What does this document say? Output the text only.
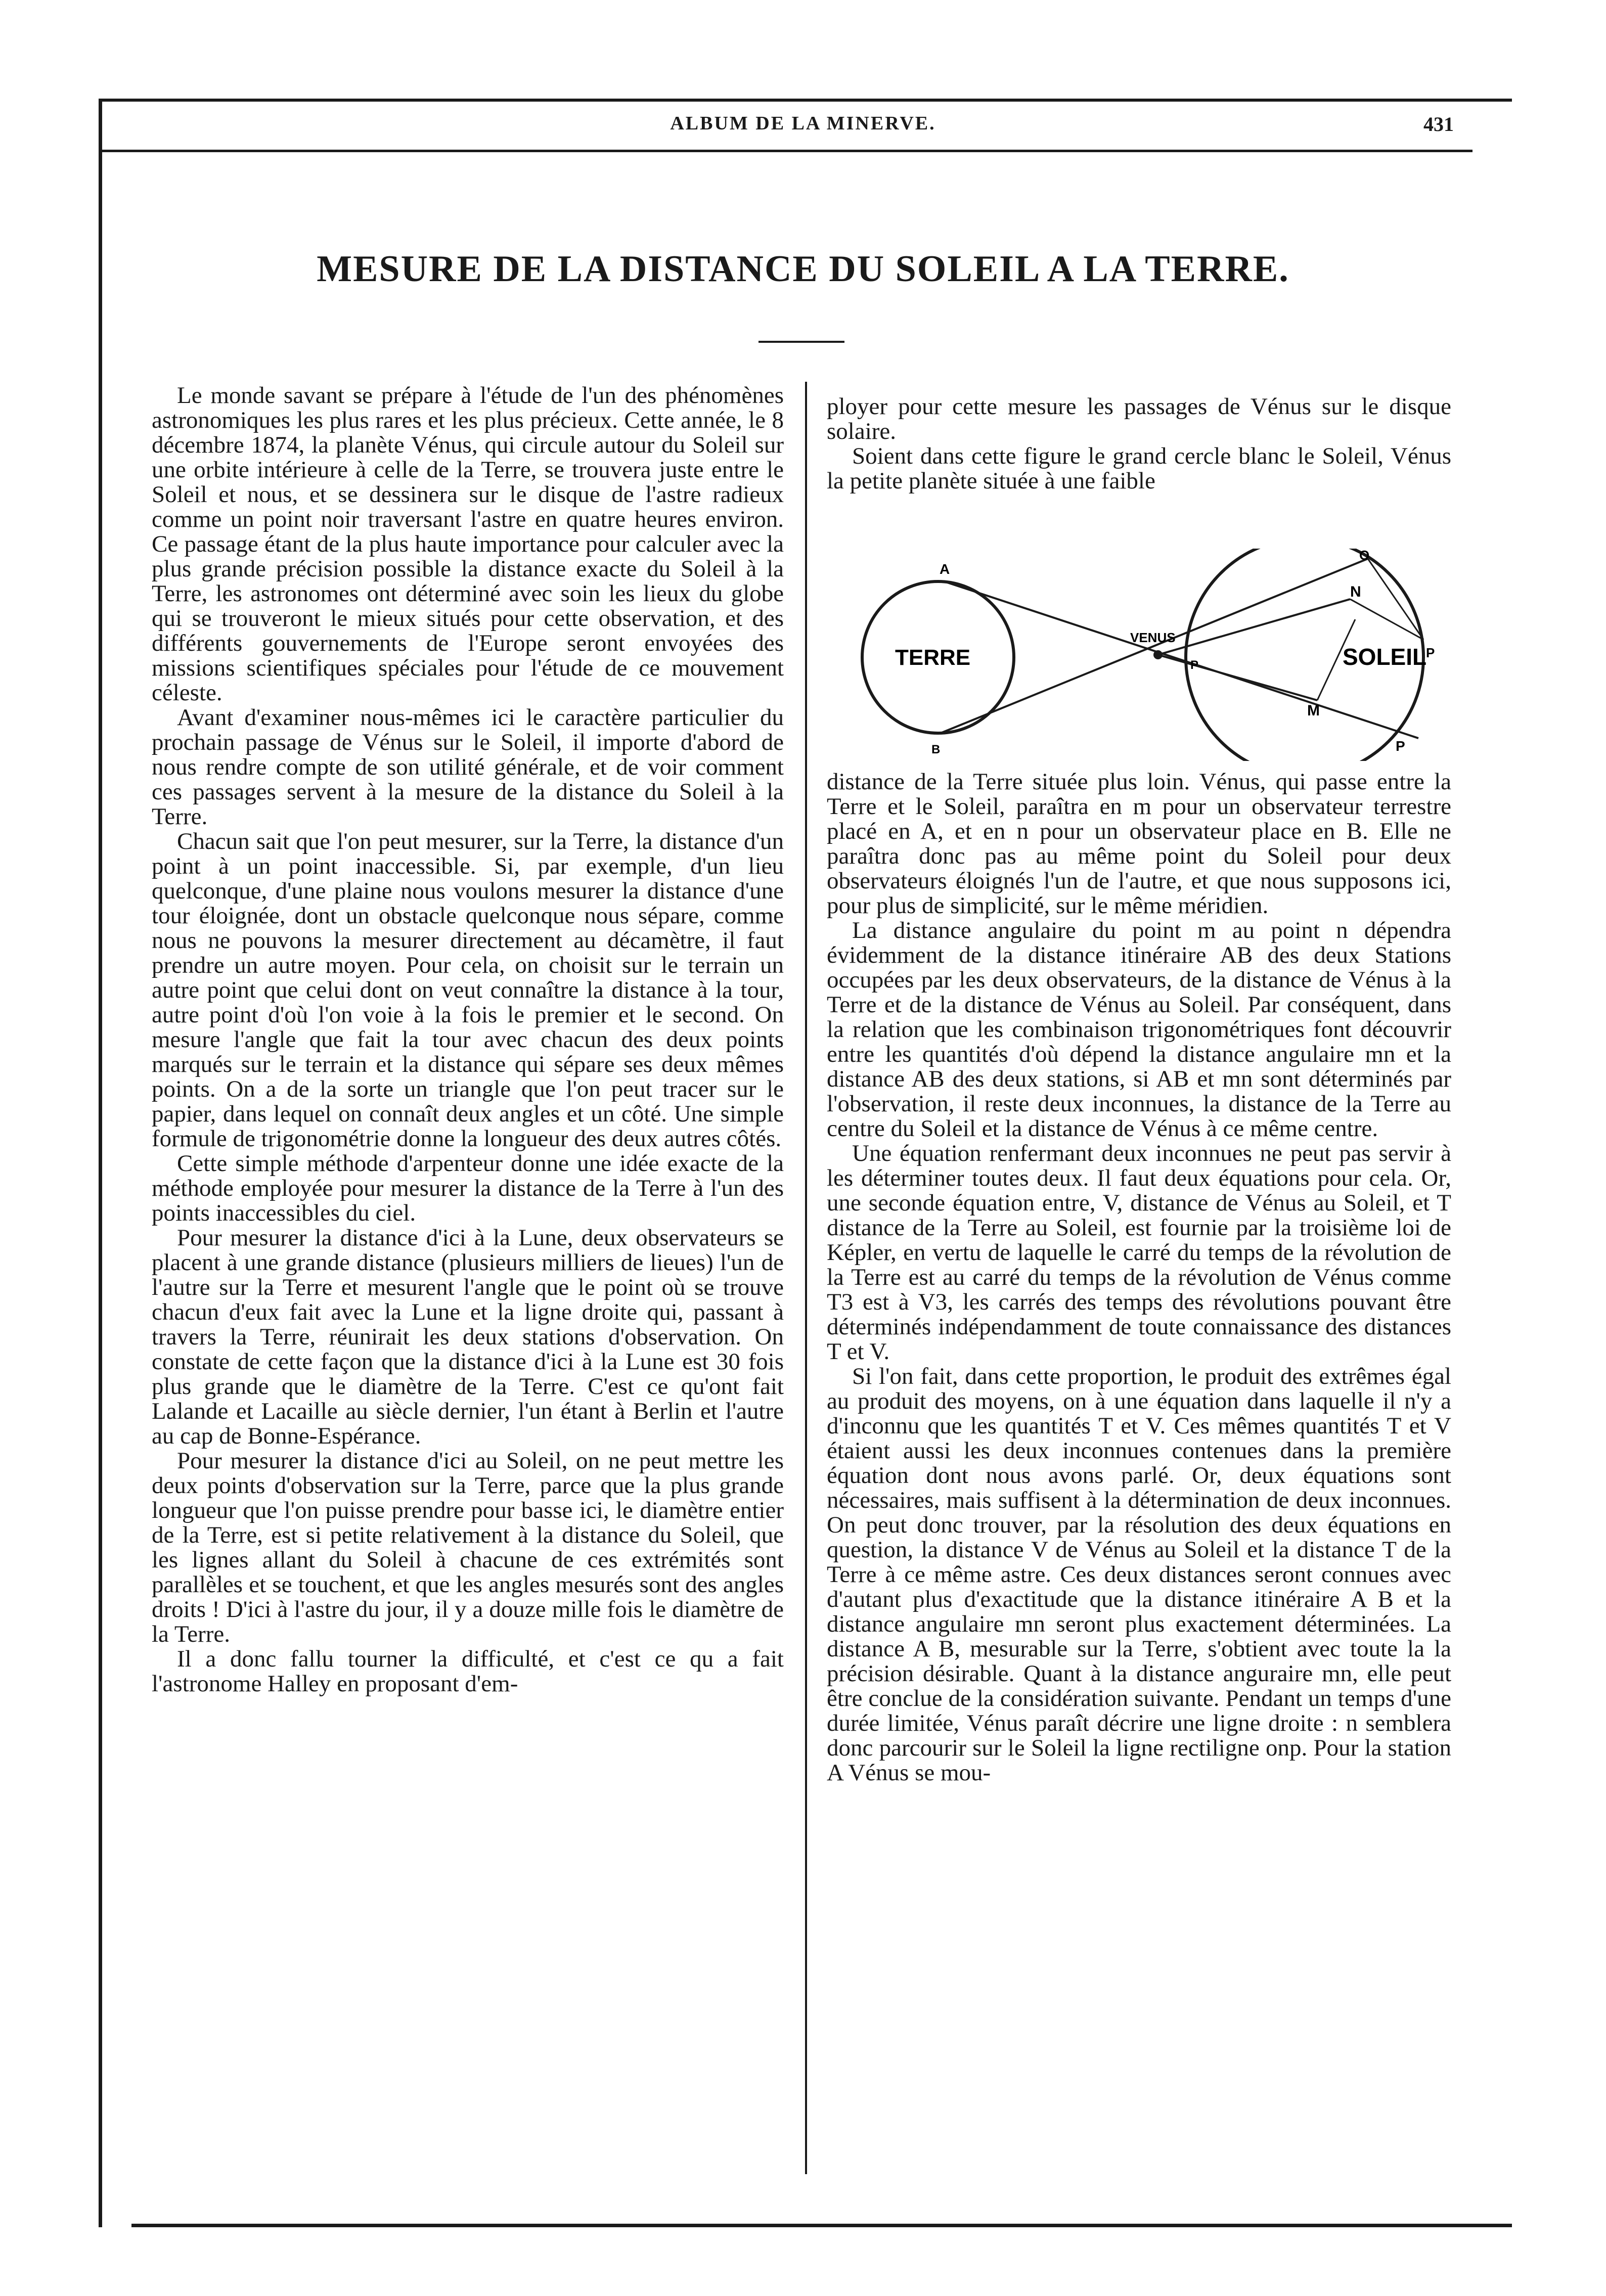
ALBUM DE LA MINERVE.	431
MESURE DE LA DISTANCE DU SOLEIL A LA TERRE.

Le monde savant se prépare à l'étude de l'un des phénomènes astronomiques les plus rares et les plus précieux. Cette année, le 8 décembre 1874, la planète Vénus, qui circule autour du Soleil sur une orbite intérieure à celle de la Terre, se trouvera juste entre le Soleil et nous, et se dessinera sur le disque de l'astre radieux comme un point noir traversant l'astre en quatre heures environ. Ce passage étant de la plus haute importance pour calculer avec la plus grande précision possible la distance exacte du Soleil à la Terre, les astronomes ont déterminé avec soin les lieux du globe qui se trouveront le mieux situés pour cette observation, et des différents gouvernements de l'Europe seront envoyées des missions scientifiques spéciales pour l'étude de ce mouvement céleste.

Avant d'examiner nous-mêmes ici le caractère particulier du prochain passage de Vénus sur le Soleil, il importe d'abord de nous rendre compte de son utilité générale, et de voir comment ces passages servent à la mesure de la distance du Soleil à la Terre.

Chacun sait que l'on peut mesurer, sur la Terre, la distance d'un point à un point inaccessible. Si, par exemple, d'un lieu quelconque, d'une plaine nous voulons mesurer la distance d'une tour éloignée, dont un obstacle quelconque nous sépare, comme nous ne pouvons la mesurer directement au décamètre, il faut prendre un autre moyen. Pour cela, on choisit sur le terrain un autre point que celui dont on veut connaître la distance à la tour, autre point d'où l'on voie à la fois le premier et le second. On mesure l'angle que fait la tour avec chacun des deux points marqués sur le terrain et la distance qui sépare ses deux mêmes points. On a de la sorte un triangle que l'on peut tracer sur le papier, dans lequel on connaît deux angles et un côté. Une simple formule de trigonométrie donne la longueur des deux autres côtés.

Cette simple méthode d'arpenteur donne une idée exacte de la méthode employée pour mesurer la distance de la Terre à l'un des points inaccessibles du ciel.

Pour mesurer la distance d'ici à la Lune, deux observateurs se placent à une grande distance (plusieurs milliers de lieues) l'un de l'autre sur la Terre et mesurent l'angle que le point où se trouve chacun d'eux fait avec la Lune et la ligne droite qui, passant à travers la Terre, réunirait les deux stations d'observation. On constate de cette façon que la distance d'ici à la Lune est 30 fois plus grande que le diamètre de la Terre. C'est ce qu'ont fait Lalande et Lacaille au siècle dernier, l'un étant à Berlin et l'autre au cap de Bonne-Espérance.

Pour mesurer la distance d'ici au Soleil, on ne peut mettre les deux points d'observation sur la Terre, parce que la plus grande longueur que l'on puisse prendre pour basse ici, le diamètre entier de la Terre, est si petite relativement à la distance du Soleil, que les lignes allant du Soleil à chacune de ces extrémités sont parallèles et se touchent, et que les angles mesurés sont des angles droits ! D'ici à l'astre du jour, il y a douze mille fois le diamètre de la Terre.

Il a donc fallu tourner la difficulté, et c'est ce qu a fait l'astronome Halley en proposant d'em-

ployer pour cette mesure les passages de Vénus sur le disque solaire.

Soient dans cette figure le grand cercle blanc le Soleil, Vénus la petite planète située à une faible

TERRE	SOLEIL
VENUS
A
B
O
N
M
P
P
P

distance de la Terre située plus loin. Vénus, qui passe entre la Terre et le Soleil, paraîtra en m pour un observateur terrestre placé en A, et en n pour un observateur place en B. Elle ne paraîtra donc pas au même point du Soleil pour deux observateurs éloignés l'un de l'autre, et que nous supposons ici, pour plus de simplicité, sur le même méridien.

La distance angulaire du point m au point n dépendra évidemment de la distance itinéraire AB des deux Stations occupées par les deux observateurs, de la distance de Vénus à la Terre et de la distance de Vénus au Soleil. Par conséquent, dans la relation que les combinaison trigonométriques font découvrir entre les quantités d'où dépend la distance angulaire mn et la distance AB des deux stations, si AB et mn sont déterminés par l'observation, il reste deux inconnues, la distance de la Terre au centre du Soleil et la distance de Vénus à ce même centre.

Une équation renfermant deux inconnues ne peut pas servir à les déterminer toutes deux. Il faut deux équations pour cela. Or, une seconde équation entre, V, distance de Vénus au Soleil, et T distance de la Terre au Soleil, est fournie par la troisième loi de Képler, en vertu de laquelle le carré du temps de la révolution de la Terre est au carré du temps de la révolution de Vénus comme T3 est à V3, les carrés des temps des révolutions pouvant être déterminés indépendamment de toute connaissance des distances T et V.

Si l'on fait, dans cette proportion, le produit des extrêmes égal au produit des moyens, on à une équation dans laquelle il n'y a d'inconnu que les quantités T et V. Ces mêmes quantités T et V étaient aussi les deux inconnues contenues dans la première équation dont nous avons parlé. Or, deux équations sont nécessaires, mais suffisent à la détermination de deux inconnues. On peut donc trouver, par la résolution des deux équations en question, la distance V de Vénus au Soleil et la distance T de la Terre à ce même astre. Ces deux distances seront connues avec d'autant plus d'exactitude que la distance itinéraire A B et la distance angulaire mn seront plus exactement déterminées. La distance A B, mesurable sur la Terre, s'obtient avec toute la la précision désirable. Quant à la distance anguraire mn, elle peut être conclue de la considération suivante. Pendant un temps d'une durée limitée, Vénus paraît décrire une ligne droite : n semblera donc parcourir sur le Soleil la ligne rectiligne onp. Pour la station A Vénus se mou-
